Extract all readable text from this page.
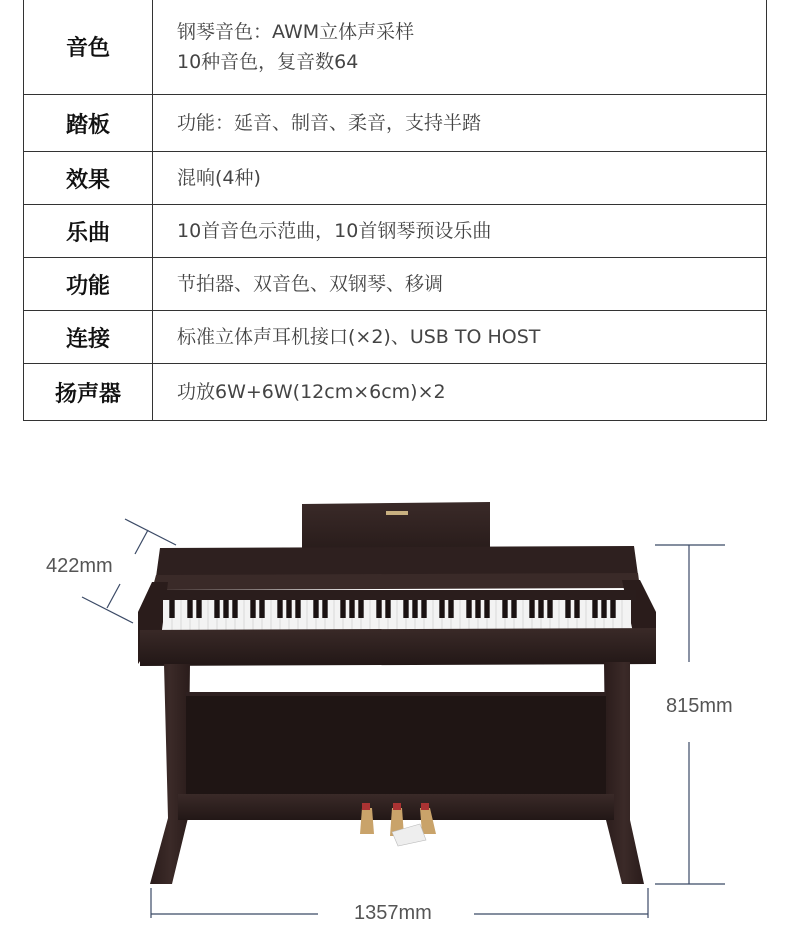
音色	钢琴音色：AWM立体声采样
10种音色，复音数64

踏板	功能：延音、制音、柔音，支持半踏
效果	混响(4种)
乐曲	10首音色示范曲，10首钢琴预设乐曲
功能	节拍器、双音色、双钢琴、移调
连接	标准立体声耳机接口(×2)、USB TO HOST
扬声器	功放6W+6W(12cm×6cm)×2
422mm
815mm
1357mm
